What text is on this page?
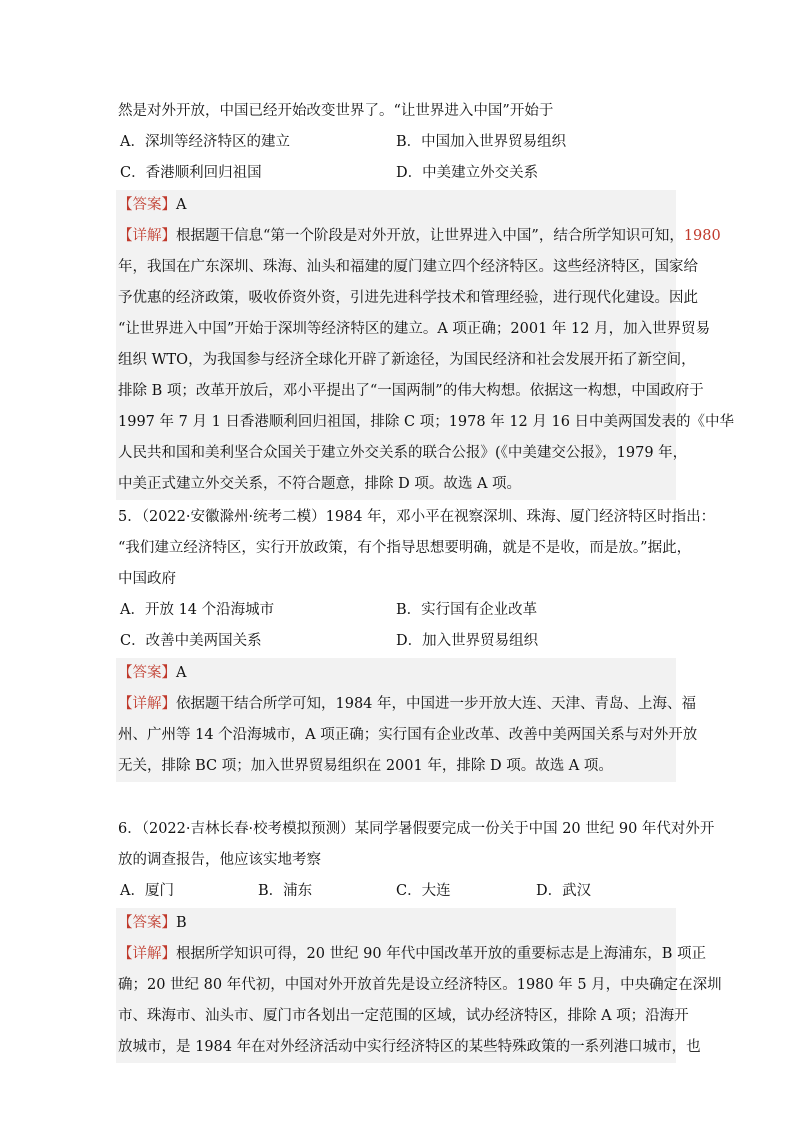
然是对外开放，中国已经开始改变世界了。“让世界进入中国”开始于
A．深圳等经济特区的建立	B．中国加入世界贸易组织
C．香港顺利回归祖国	D．中美建立外交关系
【答案】A
【详解】根据题干信息“第一个阶段是对外开放，让世界进入中国”，结合所学知识可知，1980
年，我国在广东深圳、珠海、汕头和福建的厦门建立四个经济特区。这些经济特区，国家给
予优惠的经济政策，吸收侨资外资，引进先进科学技术和管理经验，进行现代化建设。因此
“让世界进入中国”开始于深圳等经济特区的建立。A 项正确；2001 年 12 月，加入世界贸易
组织 WTO，为我国参与经济全球化开辟了新途径，为国民经济和社会发展开拓了新空间，
排除 B 项；改革开放后，邓小平提出了“一国两制”的伟大构想。依据这一构想，中国政府于
1997 年 7 月 1 日香港顺利回归祖国，排除 C 项；1978 年 12 月 16 日中美两国发表的《中华
人民共和国和美利坚合众国关于建立外交关系的联合公报》(《中美建交公报》，1979 年，
中美正式建立外交关系，不符合题意，排除 D 项。故选 A 项。
5．（2022·安徽滁州·统考二模）1984 年，邓小平在视察深圳、珠海、厦门经济特区时指出：
“我们建立经济特区，实行开放政策，有个指导思想要明确，就是不是收，而是放。”据此，
中国政府
A．开放 14 个沿海城市	B．实行国有企业改革
C．改善中美两国关系	D．加入世界贸易组织
【答案】A
【详解】依据题干结合所学可知，1984 年，中国进一步开放大连、天津、青岛、上海、福
州、广州等 14 个沿海城市，A 项正确；实行国有企业改革、改善中美两国关系与对外开放
无关，排除 BC 项；加入世界贸易组织在 2001 年，排除 D 项。故选 A 项。
6．（2022·吉林长春·校考模拟预测）某同学暑假要完成一份关于中国 20 世纪 90 年代对外开
放的调查报告，他应该实地考察
A．厦门	B．浦东	C．大连	D．武汉
【答案】B
【详解】根据所学知识可得，20 世纪 90 年代中国改革开放的重要标志是上海浦东，B 项正
确；20 世纪 80 年代初，中国对外开放首先是设立经济特区。1980 年 5 月，中央确定在深圳
市、珠海市、汕头市、厦门市各划出一定范围的区域，试办经济特区，排除 A 项；沿海开
放城市，是 1984 年在对外经济活动中实行经济特区的某些特殊政策的一系列港口城市，也
